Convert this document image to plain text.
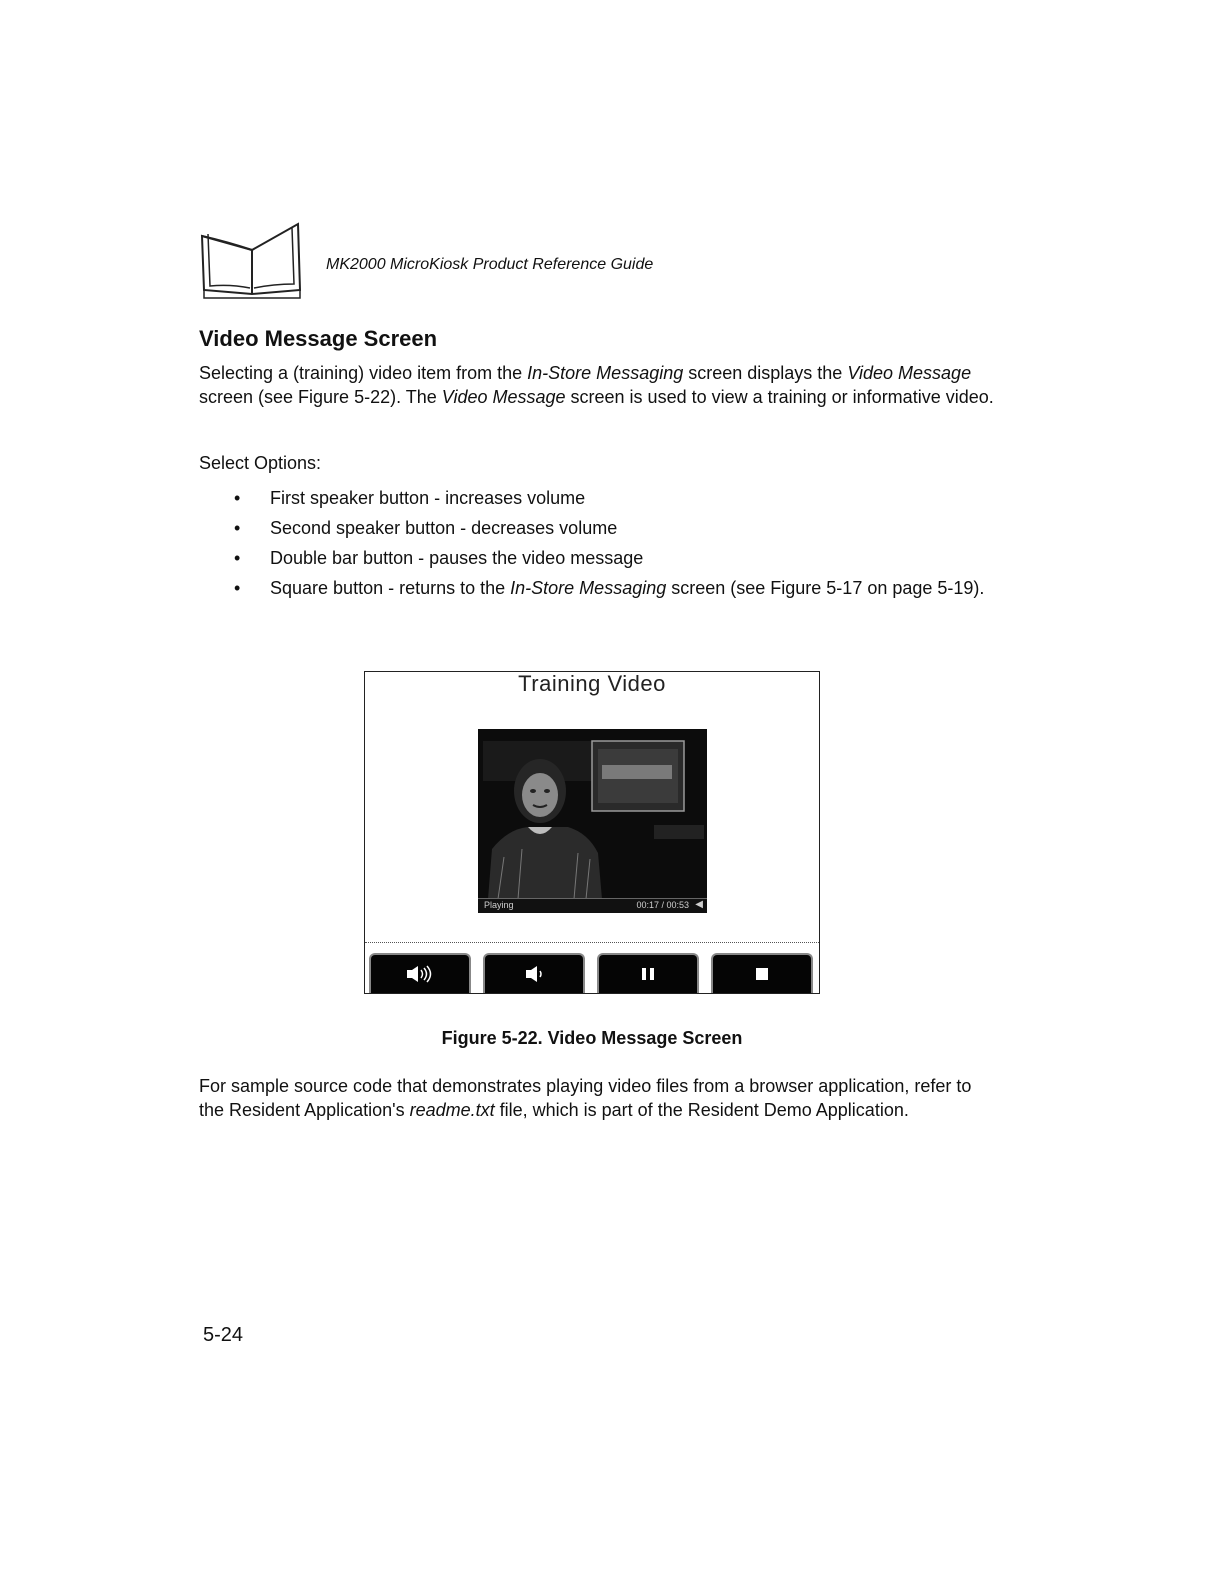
MK2000 MicroKiosk Product Reference Guide
Video Message Screen

Selecting a (training) video item from the In-Store Messaging screen displays the Video Message screen (see Figure 5-22). The Video Message screen is used to view a training or informative video.

Select Options:

• First speaker button - increases volume
• Second speaker button - decreases volume
• Double bar button - pauses the video message
• Square button - returns to the In-Store Messaging screen (see Figure 5-17 on page 5-19).
Training Video
Playing	00:17 / 00:53 ◀

Figure 5-22. Video Message Screen

For sample source code that demonstrates playing video files from a browser application, refer to the Resident Application's readme.txt file, which is part of the Resident Demo Application.

5-24
